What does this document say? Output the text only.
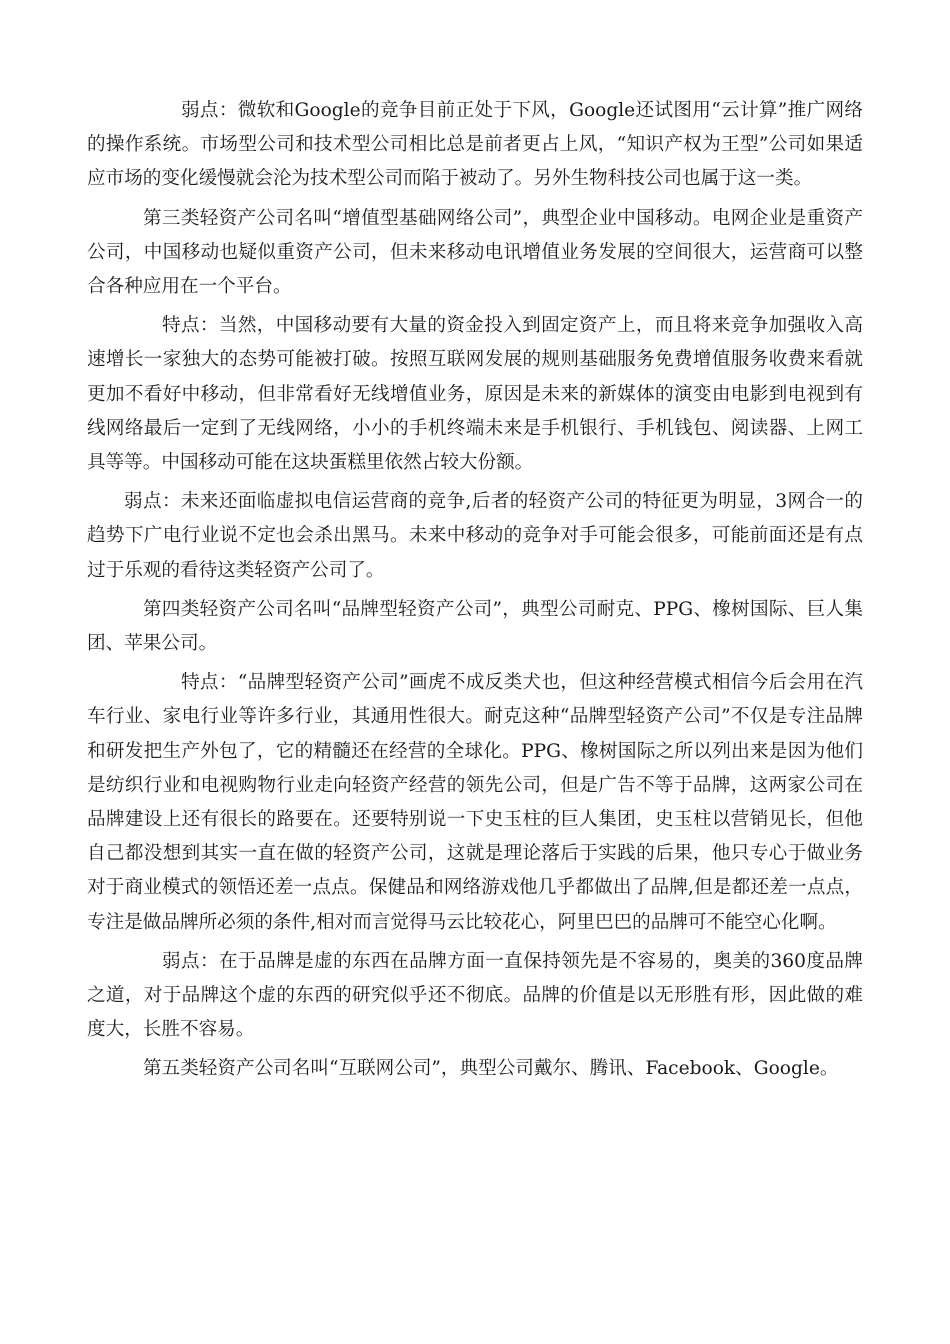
弱点：微软和Google的竞争目前正处于下风，Google还试图用“云计算”推广网络的操作系统。市场型公司和技术型公司相比总是前者更占上风，“知识产权为王型”公司如果适应市场的变化缓慢就会沦为技术型公司而陷于被动了。另外生物科技公司也属于这一类。

第三类轻资产公司名叫“增值型基础网络公司”，典型企业中国移动。电网企业是重资产公司，中国移动也疑似重资产公司，但未来移动电讯增值业务发展的空间很大，运营商可以整合各种应用在一个平台。

特点：当然，中国移动要有大量的资金投入到固定资产上，而且将来竞争加强收入高速增长一家独大的态势可能被打破。按照互联网发展的规则基础服务免费增值服务收费来看就更加不看好中移动，但非常看好无线增值业务，原因是未来的新媒体的演变由电影到电视到有线网络最后一定到了无线网络，小小的手机终端未来是手机银行、手机钱包、阅读器、上网工具等等。中国移动可能在这块蛋糕里依然占较大份额。

弱点：未来还面临虚拟电信运营商的竞争,后者的轻资产公司的特征更为明显，3网合一的趋势下广电行业说不定也会杀出黑马。未来中移动的竞争对手可能会很多，可能前面还是有点过于乐观的看待这类轻资产公司了。

第四类轻资产公司名叫“品牌型轻资产公司”，典型公司耐克、PPG、橡树国际、巨人集团、苹果公司。

特点：“品牌型轻资产公司”画虎不成反类犬也，但这种经营模式相信今后会用在汽车行业、家电行业等许多行业，其通用性很大。耐克这种“品牌型轻资产公司”不仅是专注品牌和研发把生产外包了，它的精髓还在经营的全球化。PPG、橡树国际之所以列出来是因为他们是纺织行业和电视购物行业走向轻资产经营的领先公司，但是广告不等于品牌，这两家公司在品牌建设上还有很长的路要在。还要特别说一下史玉柱的巨人集团，史玉柱以营销见长，但他自己都没想到其实一直在做的轻资产公司，这就是理论落后于实践的后果，他只专心于做业务对于商业模式的领悟还差一点点。保健品和网络游戏他几乎都做出了品牌,但是都还差一点点，专注是做品牌所必须的条件,相对而言觉得马云比较花心，阿里巴巴的品牌可不能空心化啊。

弱点：在于品牌是虚的东西在品牌方面一直保持领先是不容易的，奥美的360度品牌之道，对于品牌这个虚的东西的研究似乎还不彻底。品牌的价值是以无形胜有形，因此做的难度大，长胜不容易。

第五类轻资产公司名叫“互联网公司”，典型公司戴尔、腾讯、Facebook、Google。
